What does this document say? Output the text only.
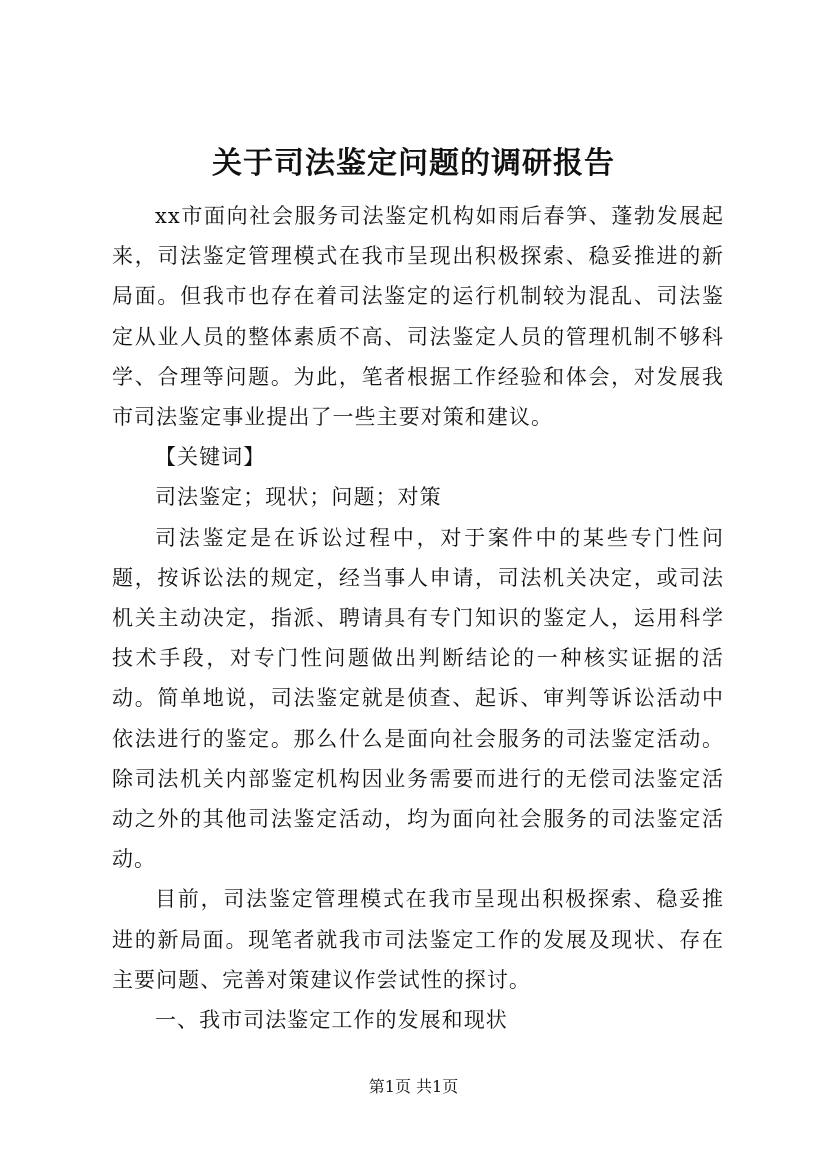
关于司法鉴定问题的调研报告

xx市面向社会服务司法鉴定机构如雨后春笋、蓬勃发展起来，司法鉴定管理模式在我市呈现出积极探索、稳妥推进的新局面。但我市也存在着司法鉴定的运行机制较为混乱、司法鉴定从业人员的整体素质不高、司法鉴定人员的管理机制不够科学、合理等问题。为此，笔者根据工作经验和体会，对发展我市司法鉴定事业提出了一些主要对策和建议。

【关键词】

司法鉴定；现状；问题；对策

司法鉴定是在诉讼过程中，对于案件中的某些专门性问题，按诉讼法的规定，经当事人申请，司法机关决定，或司法机关主动决定，指派、聘请具有专门知识的鉴定人，运用科学技术手段，对专门性问题做出判断结论的一种核实证据的活动。简单地说，司法鉴定就是侦查、起诉、审判等诉讼活动中依法进行的鉴定。那么什么是面向社会服务的司法鉴定活动。除司法机关内部鉴定机构因业务需要而进行的无偿司法鉴定活动之外的其他司法鉴定活动，均为面向社会服务的司法鉴定活动。

目前，司法鉴定管理模式在我市呈现出积极探索、稳妥推进的新局面。现笔者就我市司法鉴定工作的发展及现状、存在主要问题、完善对策建议作尝试性的探讨。

一、我市司法鉴定工作的发展和现状

第1页 共1页
